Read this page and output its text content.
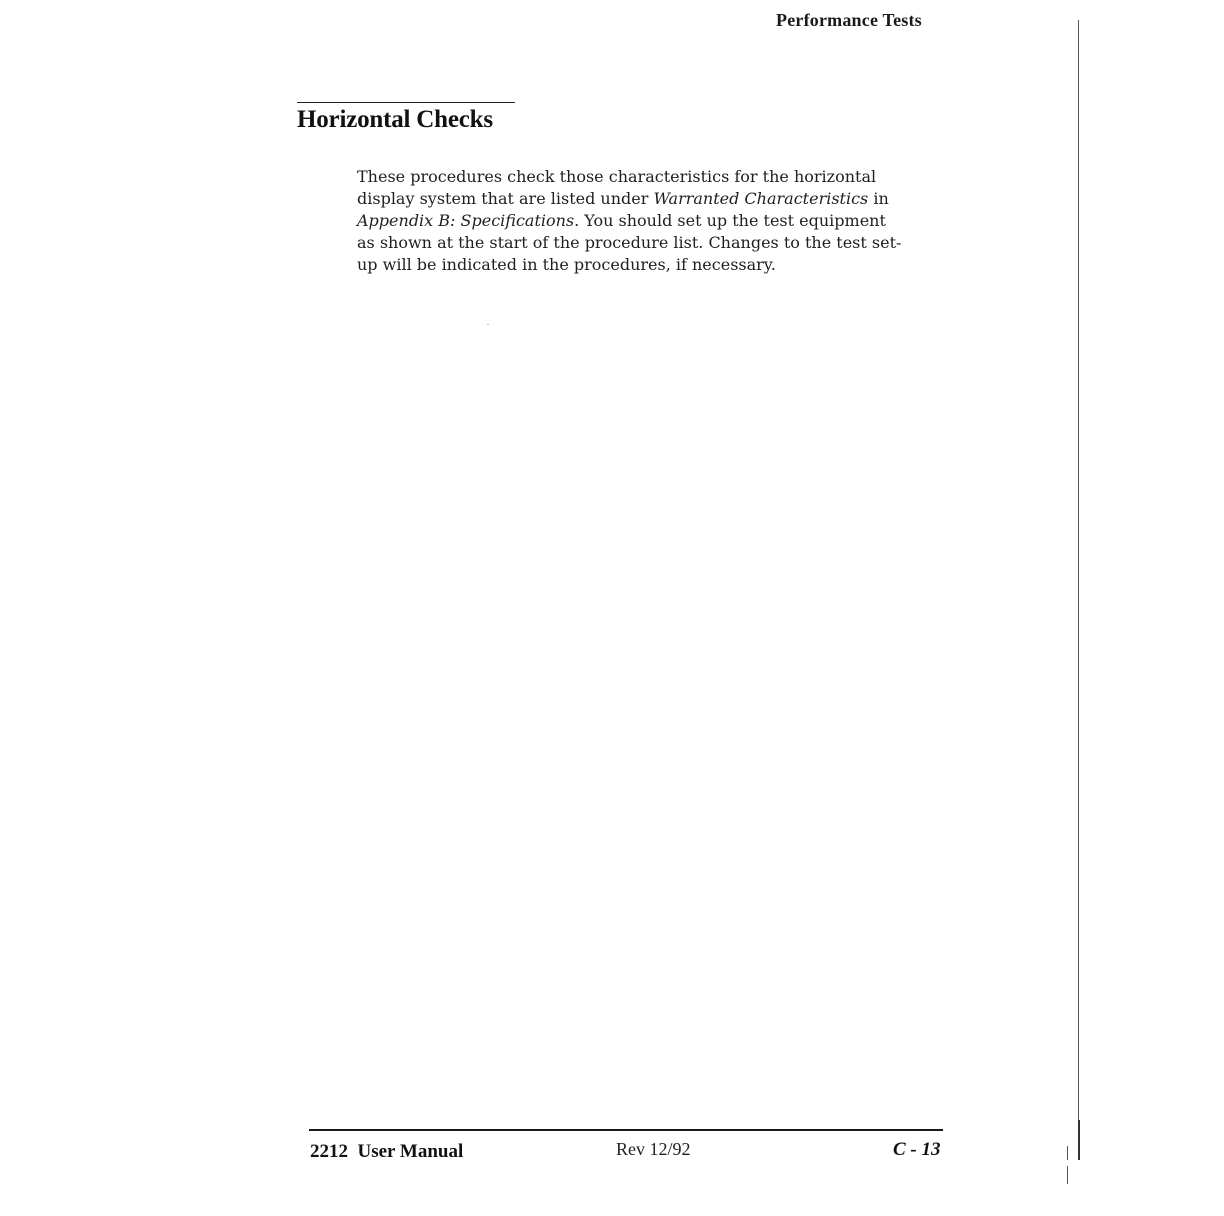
Performance Tests
Horizontal Checks

These procedures check those characteristics for the horizontal
display system that are listed under Warranted Characteristics in
Appendix B: Specifications. You should set up the test equipment
as shown at the start of the procedure list. Changes to the test set-
up will be indicated in the procedures, if necessary.

2212  User Manual	Rev 12/92	C - 13
